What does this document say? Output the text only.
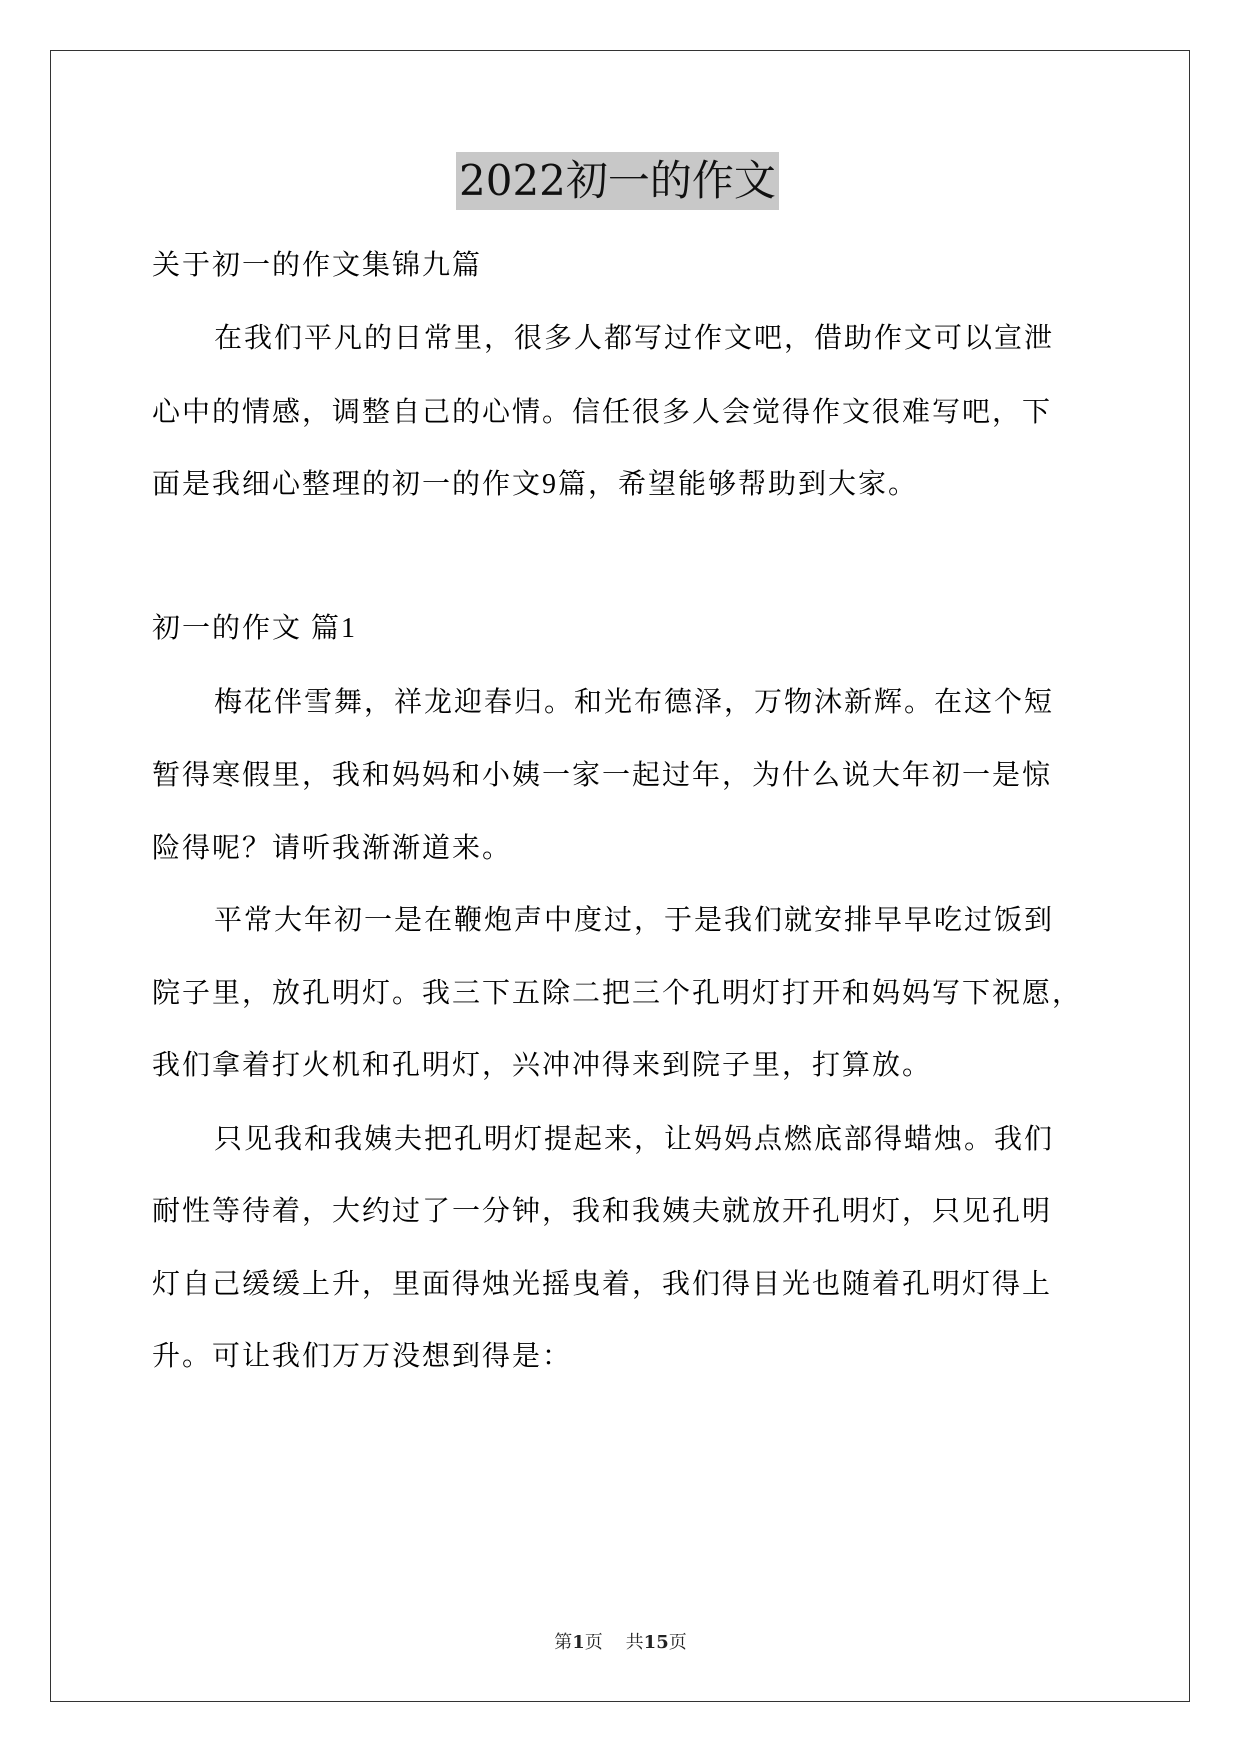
2022初一的作文
关于初一的作文集锦九篇
在我们平凡的日常里，很多人都写过作文吧，借助作文可以宣泄
心中的情感，调整自己的心情。信任很多人会觉得作文很难写吧，下
面是我细心整理的初一的作文9篇，希望能够帮助到大家。
初一的作文 篇1
梅花伴雪舞，祥龙迎春归。和光布德泽，万物沐新辉。在这个短
暂得寒假里，我和妈妈和小姨一家一起过年，为什么说大年初一是惊
险得呢？请听我渐渐道来。
平常大年初一是在鞭炮声中度过，于是我们就安排早早吃过饭到
院子里，放孔明灯。我三下五除二把三个孔明灯打开和妈妈写下祝愿，
我们拿着打火机和孔明灯，兴冲冲得来到院子里，打算放。
只见我和我姨夫把孔明灯提起来，让妈妈点燃底部得蜡烛。我们
耐性等待着，大约过了一分钟，我和我姨夫就放开孔明灯，只见孔明
灯自己缓缓上升，里面得烛光摇曳着，我们得目光也随着孔明灯得上
升。可让我们万万没想到得是：
第1页 共15页
